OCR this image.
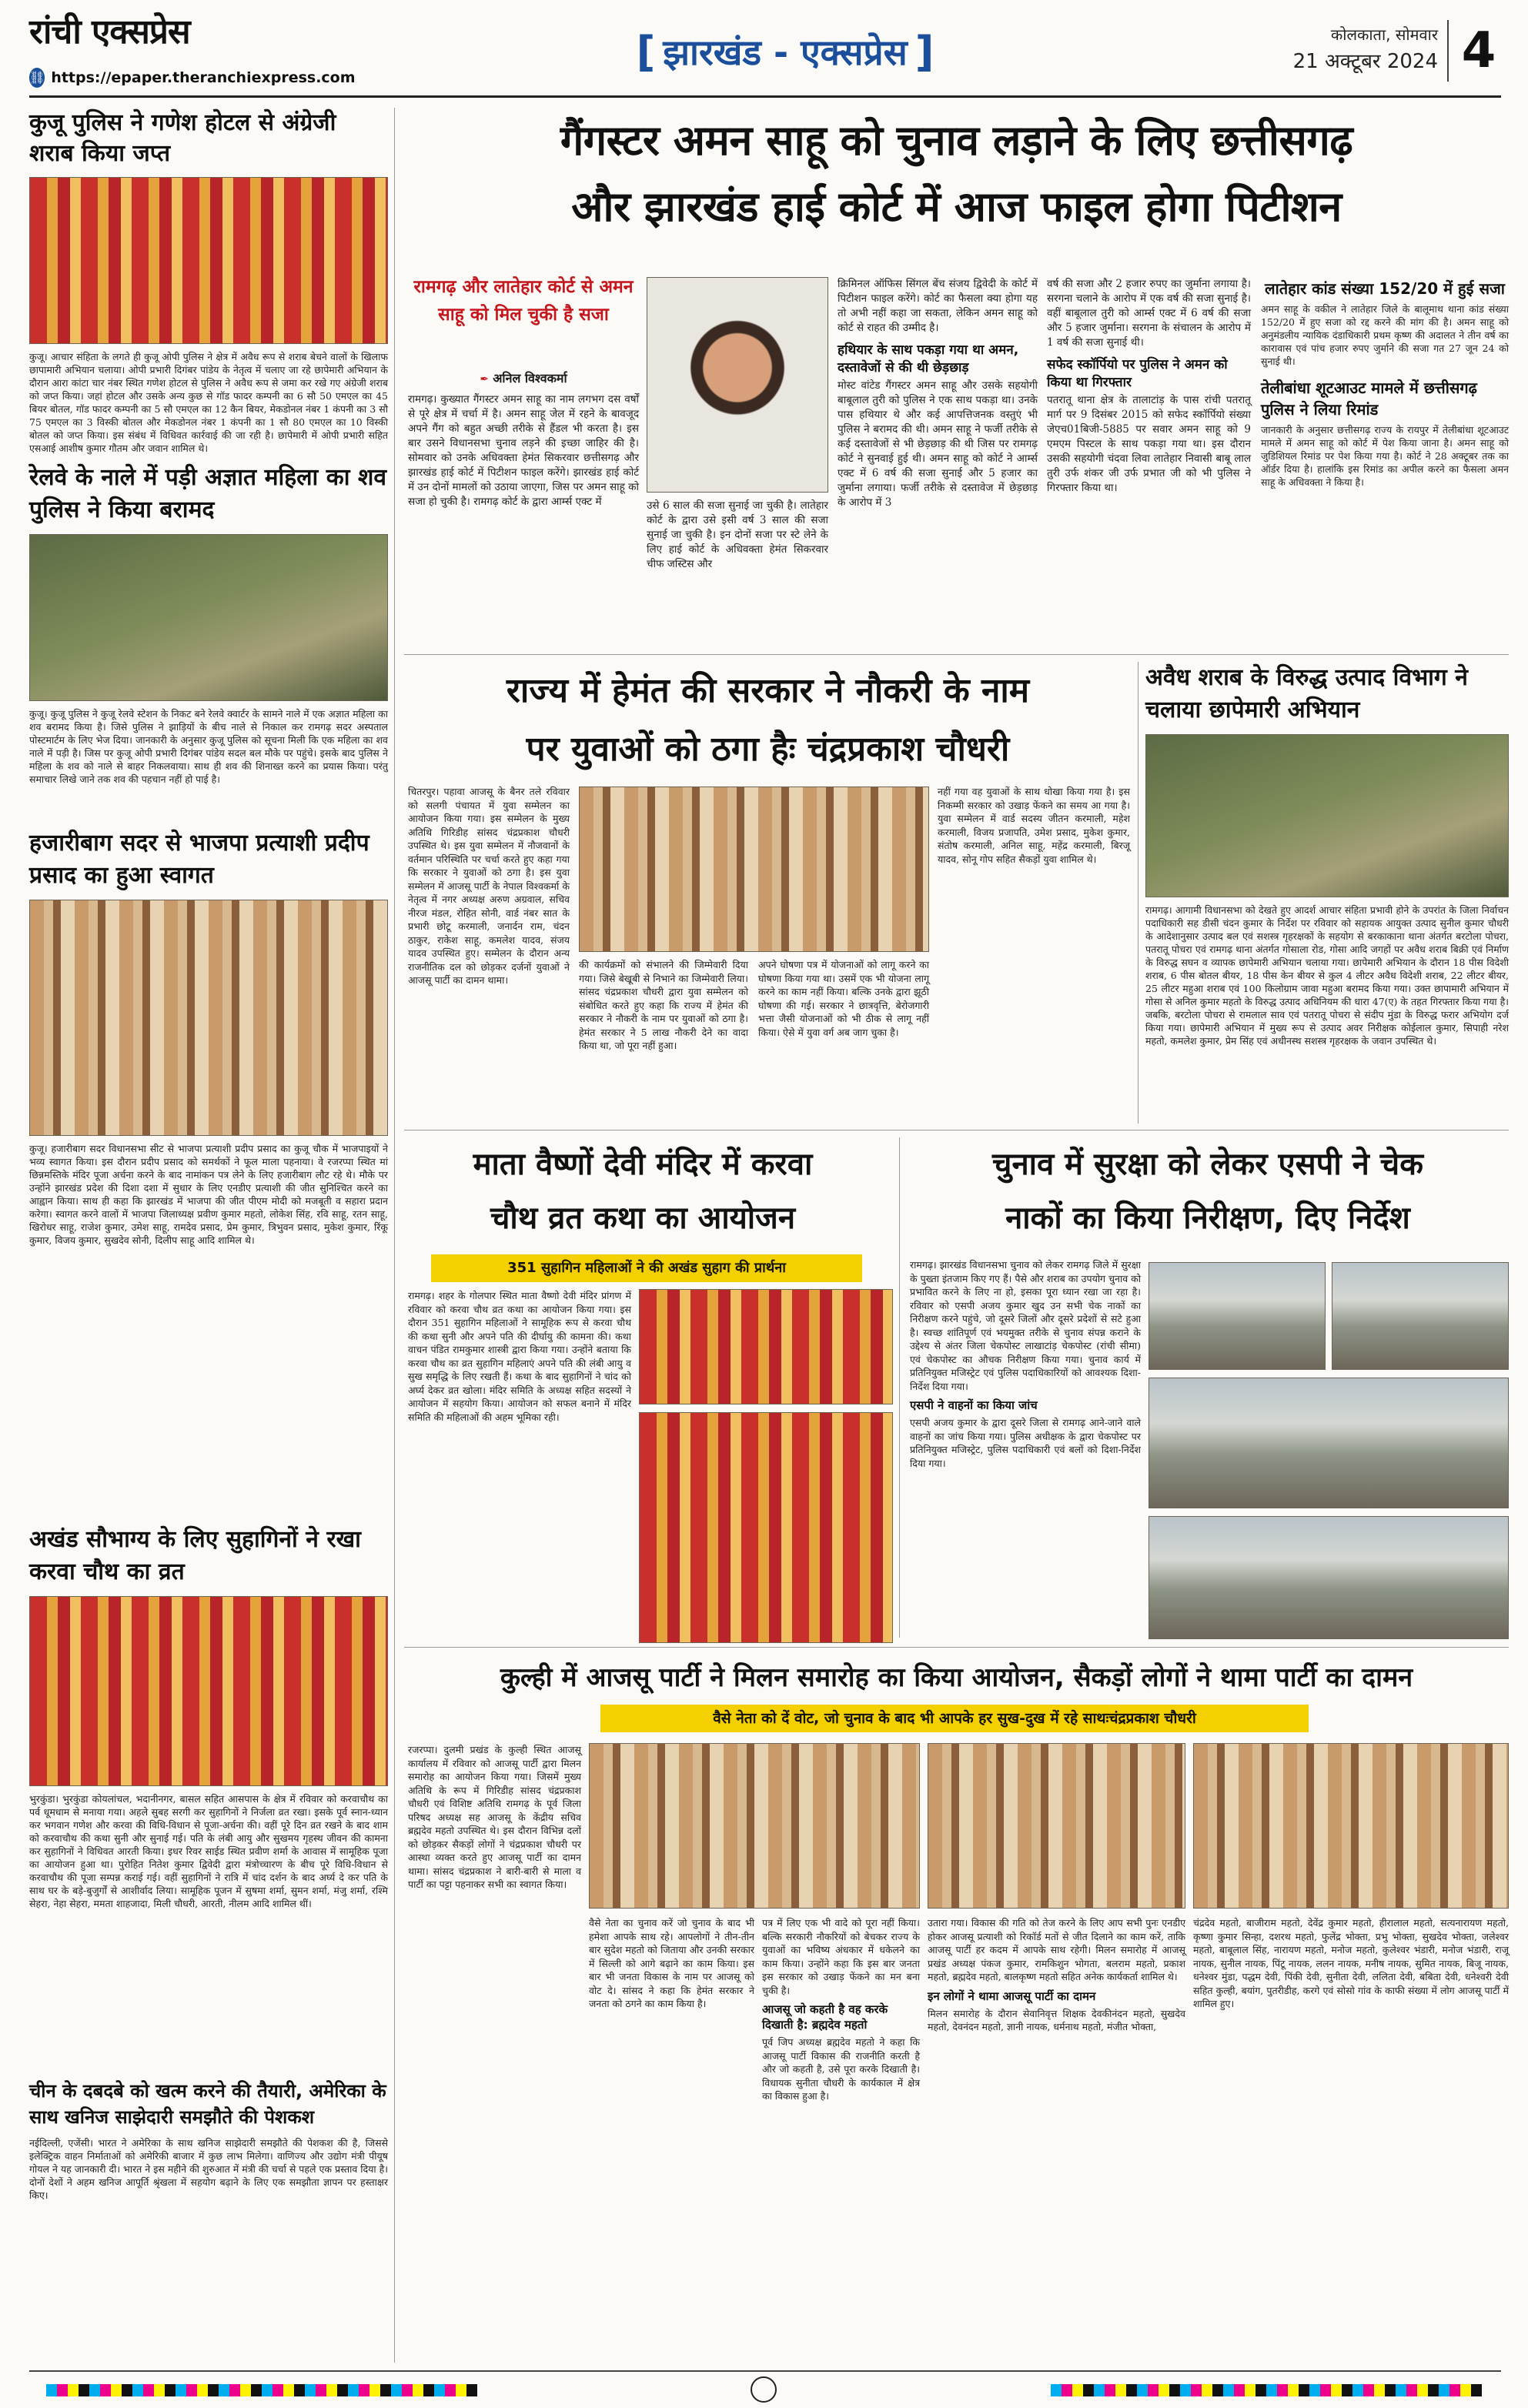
रांची एक्सप्रेस
⛓ https://epaper.theranchiexpress.com
[ झारखंड - एक्सप्रेस ]	कोलकाता, सोमवार
21 अक्टूबर 2024 4
कुजू पुलिस ने गणेश होटल से अंग्रेजी शराब किया जप्त
कुजू। आचार संहिता के लगते ही कुजू ओपी पुलिस ने क्षेत्र में अवैध रूप से शराब बेचने वालों के खिलाफ छापामारी अभियान चलाया। ओपी प्रभारी दिगंबर पांडेय के नेतृत्व में चलाए जा रहे छापेमारी अभियान के दौरान आरा कांटा चार नंबर स्थित गणेश होटल से पुलिस ने अवैध रूप से जमा कर रखे गए अंग्रेजी शराब को जप्त किया। जहां होटल और उसके अन्य कुछ से गॉड फादर कम्पनी का 6 सौ 50 एमएल का 45 बियर बोतल, गॉड फादर कम्पनी का 5 सौ एमएल का 12 कैन बियर, मेकडोनल नंबर 1 कंपनी का 3 सौ 75 एमएल का 3 विस्की बोतल और मेकडोनल नंबर 1 कंपनी का 1 सौ 80 एमएल का 10 विस्की बोतल को जप्त किया। इस संबंध में विधिवत कार्रवाई की जा रही है। छापेमारी में ओपी प्रभारी सहित एसआई आशीष कुमार गौतम और जवान शामिल थे।
रेलवे के नाले में पड़ी अज्ञात महिला का शव पुलिस ने किया बरामद
कुजू। कुजू पुलिस ने कुजू रेलवे स्टेशन के निकट बने रेलवे क्वार्टर के सामने नाले में एक अज्ञात महिला का शव बरामद किया है। जिसे पुलिस ने झाड़ियों के बीच नाले से निकाल कर रामगढ़ सदर अस्पताल पोस्टमार्टम के लिए भेज दिया। जानकारी के अनुसार कुजू पुलिस को सूचना मिली कि एक महिला का शव नाले में पड़ी है। जिस पर कुजू ओपी प्रभारी दिगंबर पांडेय सदल बल मौके पर पहुंचे। इसके बाद पुलिस ने महिला के शव को नाले से बाहर निकलवाया। साथ ही शव की शिनाख्त करने का प्रयास किया। परंतु समाचार लिखे जाने तक शव की पहचान नहीं हो पाई है।
हजारीबाग सदर से भाजपा प्रत्याशी प्रदीप प्रसाद का हुआ स्वागत
कुजू। हजारीबाग सदर विधानसभा सीट से भाजपा प्रत्याशी प्रदीप प्रसाद का कुजू चौक में भाजपाइयों ने भव्य स्वागत किया। इस दौरान प्रदीप प्रसाद को समर्थकों ने फूल माला पहनाया। वे रजरप्पा स्थित मां छिन्नमस्तिके मंदिर पूजा अर्चना करने के बाद नामांकन पत्र लेने के लिए हजारीबाग लौट रहे थे। मौके पर उन्होंने झारखंड प्रदेश की दिशा दशा में सुधार के लिए एनडीए प्रत्याशी की जीत सुनिश्चित करने का आह्वान किया। साथ ही कहा कि झारखंड में भाजपा की जीत पीएम मोदी को मजबूती व सहारा प्रदान करेगा। स्वागत करने वालों में भाजपा जिलाध्यक्ष प्रवीण कुमार महतो, लोकेश सिंह, रवि साहू, रतन साहू, खिरोधर साहू, राजेश कुमार, उमेश साहू, रामदेव प्रसाद, प्रेम कुमार, त्रिभुवन प्रसाद, मुकेश कुमार, रिंकू कुमार, विजय कुमार, सुखदेव सोनी, दिलीप साहू आदि शामिल थे।
अखंड सौभाग्य के लिए सुहागिनों ने रखा करवा चौथ का व्रत
भुरकुंडा। भुरकुंडा कोयलांचल, भदानीनगर, बासल सहित आसपास के क्षेत्र में रविवार को करवाचौथ का पर्व धूमधाम से मनाया गया। अहले सुबह सरगी कर सुहागिनों ने निर्जला व्रत रखा। इसके पूर्व स्नान-ध्यान कर भगवान गणेश और करवा की विधि-विधान से पूजा-अर्चना की। वहीं पूरे दिन व्रत रखने के बाद शाम को करवाचौथ की कथा सुनी और सुनाई गई। पति के लंबी आयु और सुखमय गृहस्थ जीवन की कामना कर सुहागिनों ने विधिवत आरती किया। इधर रिवर साईड स्थित प्रवीण शर्मा के आवास में सामूहिक पूजा का आयोजन हुआ था। पुरोहित नितेश कुमार द्विवेदी द्वारा मंत्रोच्चारण के बीच पूरे विधि-विधान से करवाचौथ की पूजा सम्पन्न कराई गई। वहीं सुहागिनों ने रात्रि में चांद दर्शन के बाद अर्घ्य दे कर पति के साथ घर के बड़े-बुजुर्गों से आशीर्वाद लिया। सामूहिक पूजन में सुषमा शर्मा, सुमन शर्मा, मंजु शर्मा, रश्मि सेहरा, नेहा सेहरा, ममता शाहजादा, मिली चौधरी, आरती, नीलम आदि शामिल थीं।
चीन के दबदबे को खत्म करने की तैयारी, अमेरिका के साथ खनिज साझेदारी समझौते की पेशकश
नईदिल्ली, एजेंसी। भारत ने अमेरिका के साथ खनिज साझेदारी समझौते की पेशकश की है, जिससे इलेक्ट्रिक वाहन निर्माताओं को अमेरिकी बाजार में कुछ लाभ मिलेगा। वाणिज्य और उद्योग मंत्री पीयूष गोयल ने यह जानकारी दी। भारत ने इस महीने की शुरुआत में मंत्री की चर्चा से पहले एक प्रस्ताव दिया है। दोनों देशों ने अहम खनिज आपूर्ति श्रृंखला में सहयोग बढ़ाने के लिए एक समझौता ज्ञापन पर हस्ताक्षर किए।
गैंगस्टर अमन साहू को चुनाव लड़ाने के लिए छत्तीसगढ़
और झारखंड हाई कोर्ट में आज फाइल होगा पिटीशन
रामगढ़ और लातेहार कोर्ट से अमन साहू को मिल चुकी है सजा
✒ अनिल विश्वकर्मा
रामगढ़। कुख्यात गैंगस्टर अमन साहू का नाम लगभग दस वर्षों से पूरे क्षेत्र में चर्चा में है। अमन साहू जेल में रहने के बावजूद अपने गैंग को बहुत अच्छी तरीके से हैंडल भी करता है। इस बार उसने विधानसभा चुनाव लड़ने की इच्छा जाहिर की है। सोमवार को उनके अधिवक्ता हेमंत सिकरवार छत्तीसगढ़ और झारखंड हाई कोर्ट में पिटीशन फाइल करेंगे। झारखंड हाई कोर्ट में उन दोनों मामलों को उठाया जाएगा, जिस पर अमन साहू को सजा हो चुकी है। रामगढ़ कोर्ट के द्वारा आर्म्स एक्ट में	उसे 6 साल की सजा सुनाई जा चुकी है। लातेहार कोर्ट के द्वारा उसे इसी वर्ष 3 साल की सजा सुनाई जा चुकी है। इन दोनों सजा पर स्टे लेने के लिए हाई कोर्ट के अधिवक्ता हेमंत सिकरवार चीफ जस्टिस और
क्रिमिनल ऑफिस सिंगल बेंच संजय द्विवेदी के कोर्ट में पिटीशन फाइल करेंगे। कोर्ट का फैसला क्या होगा यह तो अभी नहीं कहा जा सकता, लेकिन अमन साहू को कोर्ट से राहत की उम्मीद है।
हथियार के साथ पकड़ा गया था अमन, दस्तावेजों से की थी छेड़छाड़
मोस्ट वांटेड गैंगस्टर अमन साहू और उसके सहयोगी बाबूलाल तुरी को पुलिस ने एक साथ पकड़ा था। उनके पास हथियार थे और कई आपत्तिजनक वस्तुएं भी पुलिस ने बरामद की थी। अमन साहू ने फर्जी तरीके से कई दस्तावेजों से भी छेड़छाड़ की थी जिस पर रामगढ़ कोर्ट ने सुनवाई हुई थी। अमन साहू को कोर्ट ने आर्म्स एक्ट में 6 वर्ष की सजा सुनाई और 5 हजार का जुर्माना लगाया। फर्जी तरीके से दस्तावेज में छेड़छाड़ के आरोप में 3
वर्ष की सजा और 2 हजार रुपए का जुर्माना लगाया है। सरगना चलाने के आरोप में एक वर्ष की सजा सुनाई है। वहीं बाबूलाल तुरी को आर्म्स एक्ट में 6 वर्ष की सजा और 5 हजार जुर्माना। सरगना के संचालन के आरोप में 1 वर्ष की सजा सुनाई थी।
सफेद स्कॉर्पियो पर पुलिस ने अमन को किया था गिरफ्तार
पतरातू थाना क्षेत्र के तालाटांड़ के पास रांची पतरातू मार्ग पर 9 दिसंबर 2015 को सफेद स्कॉर्पियो संख्या जेएच01बिजी-5885 पर सवार अमन साहू को 9 एमएम पिस्टल के साथ पकड़ा गया था। इस दौरान उसकी सहयोगी चंदवा लिवा लातेहार निवासी बाबू लाल तुरी उर्फ शंकर जी उर्फ प्रभात जी को भी पुलिस ने गिरफ्तार किया था।
लातेहार कांड संख्या 152/20 में हुई सजा
अमन साहू के वकील ने लातेहार जिले के बालूमाथ थाना कांड संख्या 152/20 में हुए सजा को रद्द करने की मांग की है। अमन साहू को अनुमंडलीय न्यायिक दंडाधिकारी प्रथम कृष्ण की अदालत ने तीन वर्ष का कारावास एवं पांच हजार रुपए जुर्माने की सजा गत 27 जून 24 को सुनाई थी।
तेलीबांधा शूटआउट मामले में छत्तीसगढ़ पुलिस ने लिया रिमांड
जानकारी के अनुसार छत्तीसगढ़ राज्य के रायपुर में तेलीबांधा शूटआउट मामले में अमन साहू को कोर्ट में पेश किया जाना है। अमन साहू को जुडिशियल रिमांड पर पेश किया गया है। कोर्ट ने 28 अक्टूबर तक का ऑर्डर दिया है। हालांकि इस रिमांड का अपील करने का फैसला अमन साहू के अधिवक्ता ने किया है।
राज्य में हेमंत की सरकार ने नौकरी के नाम
पर युवाओं को ठगा हैः चंद्रप्रकाश चौधरी
चितरपुर। पहावा आजसू के बैनर तले रविवार को सलगी पंचायत में युवा सम्मेलन का आयोजन किया गया। इस सम्मेलन के मुख्य अतिथि गिरिडीह सांसद चंद्रप्रकाश चौधरी उपस्थित थे। इस युवा सम्मेलन में नौजवानों के वर्तमान परिस्थिति पर चर्चा करते हुए कहा गया कि सरकार ने युवाओं को ठगा है। इस युवा सम्मेलन में आजसू पार्टी के नेपाल विश्वकर्मा के नेतृत्व में नगर अध्यक्ष अरुण अग्रवाल, सचिव नीरज मंडल, रोहित सोनी, वार्ड नंबर सात के प्रभारी छोटू करमाली, जनार्दन राम, चंदन ठाकुर, राकेश साहू, कमलेश यादव, संजय यादव उपस्थित हुए। सम्मेलन के दौरान अन्य राजनीतिक दल को छोड़कर दर्जनों युवाओं ने आजसू पार्टी का दामन थामा।
की कार्यक्रमों को संभालने की जिम्मेवारी दिया गया। जिसे बेखूबी से निभाने का जिम्मेवारी लिया। सांसद चंद्रप्रकाश चौधरी द्वारा युवा सम्मेलन को संबोधित करते हुए कहा कि राज्य में हेमंत की सरकार ने नौकरी के नाम पर युवाओं को ठगा है। हेमंत सरकार ने 5 लाख नौकरी देने का वादा किया था, जो पूरा नहीं हुआ।
अपने घोषणा पत्र में योजनाओं को लागू करने का घोषणा किया गया था। उसमें एक भी योजना लागू करने का काम नहीं किया। बल्कि उनके द्वारा झूठी घोषणा की गई। सरकार ने छात्रवृत्ति, बेरोजगारी भत्ता जैसी योजनाओं को भी ठीक से लागू नहीं किया। ऐसे में युवा वर्ग अब जाग चुका है।
नहीं गया वह युवाओं के साथ धोखा किया गया है। इस निकम्मी सरकार को उखाड़ फेंकने का समय आ गया है। युवा सम्मेलन में वार्ड सदस्य जीतन करमाली, महेश करमाली, विजय प्रजापति, उमेश प्रसाद, मुकेश कुमार, संतोष करमाली, अनिल साहू, महेंद्र करमाली, बिरजू यादव, सोनू गोप सहित सैकड़ों युवा शामिल थे।
अवैध शराब के विरुद्ध उत्पाद विभाग ने चलाया छापेमारी अभियान
रामगढ़। आगामी विधानसभा को देखते हुए आदर्श आचार संहिता प्रभावी होने के उपरांत के जिला निर्वाचन पदाधिकारी सह डीसी चंदन कुमार के निर्देश पर रविवार को सहायक आयुक्त उत्पाद सुनील कुमार चौधरी के आदेशानुसार उत्पाद बल एवं सशस्त्र गृहरक्षकों के सहयोग से बरकाकाना थाना अंतर्गत बरटोला पोचरा, पतरातू पोचरा एवं रामगढ़ थाना अंतर्गत गोसाला रोड, गोसा आदि जगहों पर अवैध शराब बिक्री एवं निर्माण के विरुद्ध सघन व व्यापक छापेमारी अभियान चलाया गया। छापेमारी अभियान के दौरान 18 पीस विदेशी शराब, 6 पीस बोतल बीयर, 18 पीस केन बीयर से कुल 4 लीटर अवैध विदेशी शराब, 22 लीटर बीयर, 25 लीटर महुआ शराब एवं 100 किलोग्राम जावा महुआ बरामद किया गया। उक्त छापामारी अभियान में गोसा से अनिल कुमार महतो के विरुद्ध उत्पाद अधिनियम की धारा 47(ए) के तहत गिरफ्तार किया गया है। जबकि, बरटोला पोचरा से रामलाल साव एवं पतरातू पोचरा से संदीप मुंडा के विरुद्ध फरार अभियोग दर्ज किया गया। छापेमारी अभियान में मुख्य रूप से उत्पाद अवर निरीक्षक कोईलाल कुमार, सिपाही नरेश महतो, कमलेश कुमार, प्रेम सिंह एवं अधीनस्थ सशस्त्र गृहरक्षक के जवान उपस्थित थे।
माता वैष्णों देवी मंदिर में करवा
चौथ व्रत कथा का आयोजन
351 सुहागिन महिलाओं ने की अखंड सुहाग की प्रार्थना
रामगढ़। शहर के गोलपार स्थित माता वैष्णो देवी मंदिर प्रांगण में रविवार को करवा चौथ व्रत कथा का आयोजन किया गया। इस दौरान 351 सुहागिन महिलाओं ने सामूहिक रूप से करवा चौथ की कथा सुनी और अपने पति की दीर्घायु की कामना की। कथा वाचन पंडित रामकुमार शास्त्री द्वारा किया गया। उन्होंने बताया कि करवा चौथ का व्रत सुहागिन महिलाएं अपने पति की लंबी आयु व सुख समृद्धि के लिए रखती हैं। कथा के बाद सुहागिनों ने चांद को अर्घ्य देकर व्रत खोला। मंदिर समिति के अध्यक्ष सहित सदस्यों ने आयोजन में सहयोग किया। आयोजन को सफल बनाने में मंदिर समिति की महिलाओं की अहम भूमिका रही।
चुनाव में सुरक्षा को लेकर एसपी ने चेक
नाकों का किया निरीक्षण, दिए निर्देश
रामगढ़। झारखंड विधानसभा चुनाव को लेकर रामगढ़ जिले में सुरक्षा के पुख्ता इंतजाम किए गए हैं। पैसे और शराब का उपयोग चुनाव को प्रभावित करने के लिए ना हो, इसका पूरा ध्यान रखा जा रहा है। रविवार को एसपी अजय कुमार खुद उन सभी चेक नाकों का निरीक्षण करने पहुंचे, जो दूसरे जिलों और दूसरे प्रदेशों से सटे हुआ है। स्वच्छ शांतिपूर्ण एवं भयमुक्त तरीके से चुनाव संपन्न कराने के उद्देश्य से अंतर जिला चेकपोस्ट लाखाटांड़ चेकपोस्ट (रांची सीमा) एवं चेकपोस्ट का औचक निरीक्षण किया गया। चुनाव कार्य में प्रतिनियुक्त मजिस्ट्रेट एवं पुलिस पदाधिकारियों को आवश्यक दिशा-निर्देश दिया गया।
एसपी ने वाहनों का किया जांच
एसपी अजय कुमार के द्वारा दूसरे जिला से रामगढ़ आने-जाने वाले वाहनों का जांच किया गया। पुलिस अधीक्षक के द्वारा चेकपोस्ट पर प्रतिनियुक्त मजिस्ट्रेट, पुलिस पदाधिकारी एवं बलों को दिशा-निर्देश दिया गया।
कुल्ही में आजसू पार्टी ने मिलन समारोह का किया आयोजन, सैकड़ों लोगों ने थामा पार्टी का दामन
वैसे नेता को दें वोट, जो चुनाव के बाद भी आपके हर सुख-दुख में रहे साथःचंद्रप्रकाश चौधरी
रजरप्पा। दुलमी प्रखंड के कुल्ही स्थित आजसू कार्यालय में रविवार को आजसू पार्टी द्वारा मिलन समारोह का आयोजन किया गया। जिसमें मुख्य अतिथि के रूप में गिरिडीह सांसद चंद्रप्रकाश चौधरी एवं विशिष्ट अतिथि रामगढ़ के पूर्व जिला परिषद अध्यक्ष सह आजसू के केंद्रीय सचिव ब्रह्मदेव महतो उपस्थित थे। इस दौरान विभिन्न दलों को छोड़कर सैकड़ों लोगों ने चंद्रप्रकाश चौधरी पर आस्था व्यक्त करते हुए आजसू पार्टी का दामन थामा। सांसद चंद्रप्रकाश ने बारी-बारी से माला व पार्टी का पट्टा पहनाकर सभी का स्वागत किया।
वैसे नेता का चुनाव करें जो चुनाव के बाद भी हमेशा आपके साथ रहे। आपलोगों ने तीन-तीन बार सुदेश महतो को जिताया और उनकी सरकार में सिल्ली को आगे बढ़ाने का काम किया। इस बार भी जनता विकास के नाम पर आजसू को वोट दे। सांसद ने कहा कि हेमंत सरकार ने जनता को ठगने का काम किया है।
पत्र में लिए एक भी वादे को पूरा नहीं किया। बल्कि सरकारी नौकरियों को बेचकर राज्य के युवाओं का भविष्य अंधकार में धकेलने का काम किया। उन्होंने कहा कि इस बार जनता इस सरकार को उखाड़ फेंकने का मन बना चुकी है।
आजसू जो कहती है वह करके दिखाती है: ब्रह्मदेव महतो
पूर्व जिप अध्यक्ष ब्रह्मदेव महतो ने कहा कि आजसू पार्टी विकास की राजनीति करती है और जो कहती है, उसे पूरा करके दिखाती है। विधायक सुनीता चौधरी के कार्यकाल में क्षेत्र का विकास हुआ है।
उतारा गया। विकास की गति को तेज करने के लिए आप सभी पुनः एनडीए होकर आजसू प्रत्याशी को रिकॉर्ड मतों से जीत दिलाने का काम करें, ताकि आजसू पार्टी हर कदम में आपके साथ रहेगी। मिलन समारोह में आजसू प्रखंड अध्यक्ष पंकज कुमार, रामकिशुन भोगता, बलराम महतो, प्रकाश महतो, ब्रह्मदेव महतो, बालकृष्ण महतो सहित अनेक कार्यकर्ता शामिल थे।
इन लोगों ने थामा आजसू पार्टी का दामन
मिलन समारोह के दौरान सेवानिवृत्त शिक्षक देवकीनंदन महतो, सुखदेव महतो, देवनंदन महतो, ज्ञानी नायक, धर्मनाथ महतो, मंजीत भोक्ता,
चंद्रदेव महतो, बाजीराम महतो, देवेंद्र कुमार महतो, हीरालाल महतो, सत्यनारायण महतो, कृष्णा कुमार सिन्हा, दशरथ महतो, फुलेंद्र भोक्ता, प्रभु भोक्ता, सुखदेव भोक्ता, जलेश्वर महतो, बाबूलाल सिंह, नारायण महतो, मनोज महतो, कुलेश्वर भंडारी, मनोज भंडारी, राजू नायक, सुनील नायक, पिंटू नायक, ललन नायक, मनीष नायक, सुमित नायक, बिजू नायक, धनेश्वर मुंडा, पद्धम देवी, पिंकी देवी, सुनीता देवी, ललिता देवी, बबिता देवी, धनेश्वरी देवी सहित कुल्ही, बयांग, पुतरीडीह, करगे एवं सोसो गांव के काफी संख्या में लोग आजसू पार्टी में शामिल हुए।
